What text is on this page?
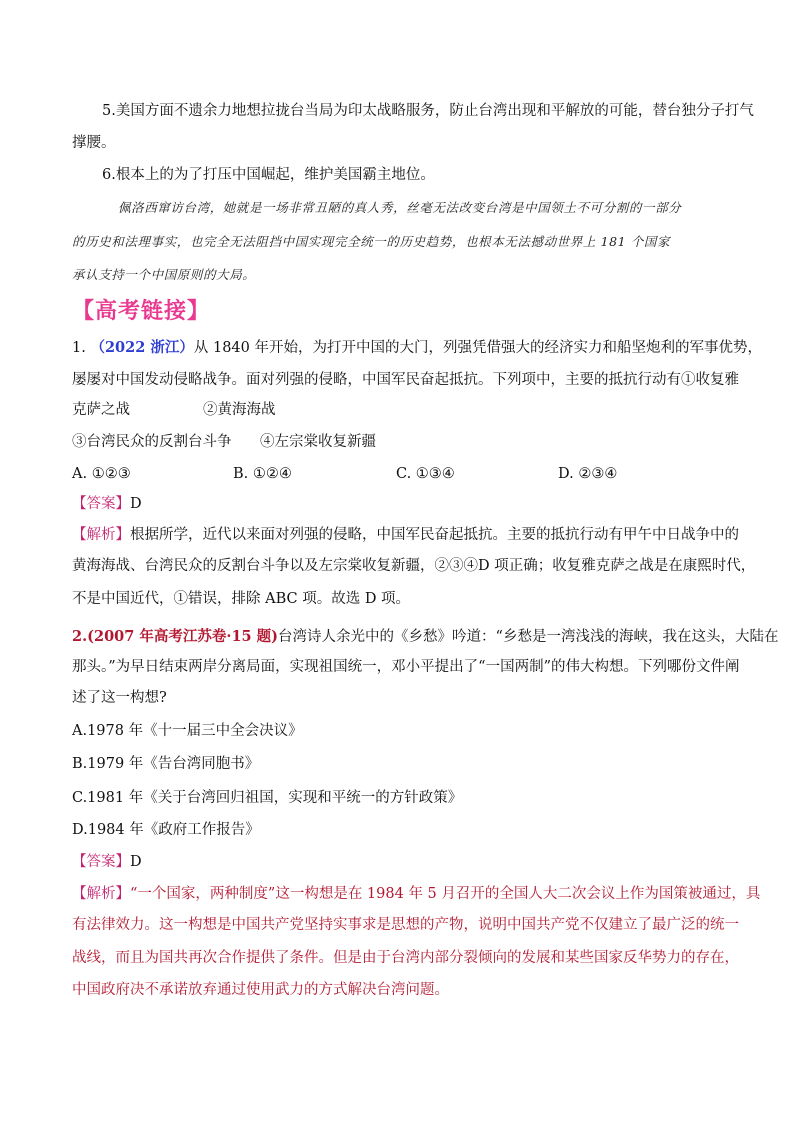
5.美国方面不遗余力地想拉拢台当局为印太战略服务，防止台湾出现和平解放的可能，替台独分子打气
撑腰。
6.根本上的为了打压中国崛起，维护美国霸主地位。
佩洛西窜访台湾，她就是一场非常丑陋的真人秀，丝毫无法改变台湾是中国领土不可分割的一部分
的历史和法理事实，也完全无法阻挡中国实现完全统一的历史趋势，也根本无法撼动世界上 181 个国家
承认支持一个中国原则的大局。
【高考链接】
1. （2022 浙江）从 1840 年开始，为打开中国的大门，列强凭借强大的经济实力和船坚炮利的军事优势，
屡屡对中国发动侵略战争。面对列强的侵略，中国军民奋起抵抗。下列项中，主要的抵抗行动有①收复雅
克萨之战	②黄海海战
③台湾民众的反割台斗争 ④左宗棠收复新疆
A. ①②③	B. ①②④	C. ①③④	D. ②③④
【答案】D
【解析】根据所学，近代以来面对列强的侵略，中国军民奋起抵抗。主要的抵抗行动有甲午中日战争中的
黄海海战、台湾民众的反割台斗争以及左宗棠收复新疆，②③④D 项正确；收复雅克萨之战是在康熙时代，
不是中国近代，①错误，排除 ABC 项。故选 D 项。
2.(2007 年高考江苏卷·15 题)台湾诗人余光中的《乡愁》吟道：“乡愁是一湾浅浅的海峡，我在这头，大陆在
那头。”为早日结束两岸分离局面，实现祖国统一，邓小平提出了“一国两制”的伟大构想。下列哪份文件阐
述了这一构想?
A.1978 年《十一届三中全会决议》
B.1979 年《告台湾同胞书》
C.1981 年《关于台湾回归祖国，实现和平统一的方针政策》
D.1984 年《政府工作报告》
【答案】D
【解析】“一个国家，两种制度”这一构想是在 1984 年 5 月召开的全国人大二次会议上作为国策被通过，具
有法律效力。这一构想是中国共产党坚持实事求是思想的产物，说明中国共产党不仅建立了最广泛的统一
战线，而且为国共再次合作提供了条件。但是由于台湾内部分裂倾向的发展和某些国家反华势力的存在，
中国政府决不承诺放弃通过使用武力的方式解决台湾问题。
